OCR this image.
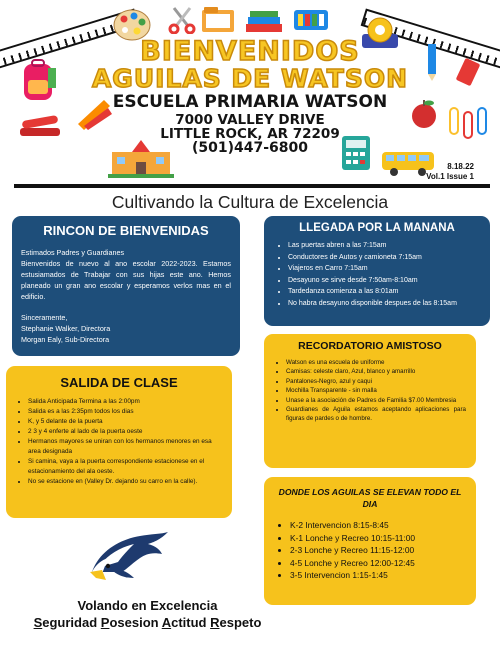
BIENVENIDOS
AGUILAS DE WATSON
ESCUELA PRIMARIA WATSON
7000 VALLEY DRIVE
LITTLE ROCK, AR 72209
(501)447-6800
8.18.22
Vol.1 Issue 1
Cultivando la Cultura de Excelencia
RINCON DE BIENVENIDAS

Estimados Padres y Guardianes

Bienvenidos de nuevo al ano escolar 2022-2023. Estamos estusiamados de Trabajar con sus hijas este ano. Hemos planeado un gran ano escolar y esperamos verlos mas en el edificio.

Sinceramente,

Stephanie Walker, Directora

Morgan Ealy, Sub-Directora

LLEGADA POR LA MANANA
• Las puertas abren a las 7:15am
• Conductores de Autos y camioneta 7:15am
• Viajeros en Carro 7:15am
• Desayuno se sirve desde 7:50am-8:10am
• Tardedanza comienza a las 8:01am
• No habra desayuno disponible despues de las 8:15am
RECORDATORIO AMISTOSO
• Watson es una escuela de uniforme
• Camisas: celeste claro, Azul, blanco y amarrillo
• Pantalones-Negro, azul y caqui
• Mochilla Transparente - sin malla
• Unase a la asociación de Padres de Familia $7.00 Membresia
• Guardianes de Aguila estamos aceptando aplicaciones para figuras de pardes o de hombre.
SALIDA DE CLASE
• Salida Anticipada Termina a las 2:00pm
• Salida es a las 2:35pm todos los dias
• K, y 5 delante de la puerta
• 2 3 y 4 enferte al lado de la puerta oeste
• Hermanos mayores se uniran con los hermanos menores en esa area designada
• Si camina, vaya a la puerta correspondiente estacionese en el estacionamiento del ala oeste.
• No se estacione en (Valley Dr. dejando su carro en la calle).
DONDE LOS AGUILAS SE ELEVAN TODO EL DIA
• K-2 Intervencion 8:15-8:45
• K-1 Lonche y Recreo 10:15-11:00
• 2-3 Lonche y Recreo 11:15-12:00
• 4-5 Lonche y Recreo 12:00-12:45
• 3-5 Intervencion 1:15-1:45
Volando en Excelencia
Seguridad Posesion Actitud Respeto
